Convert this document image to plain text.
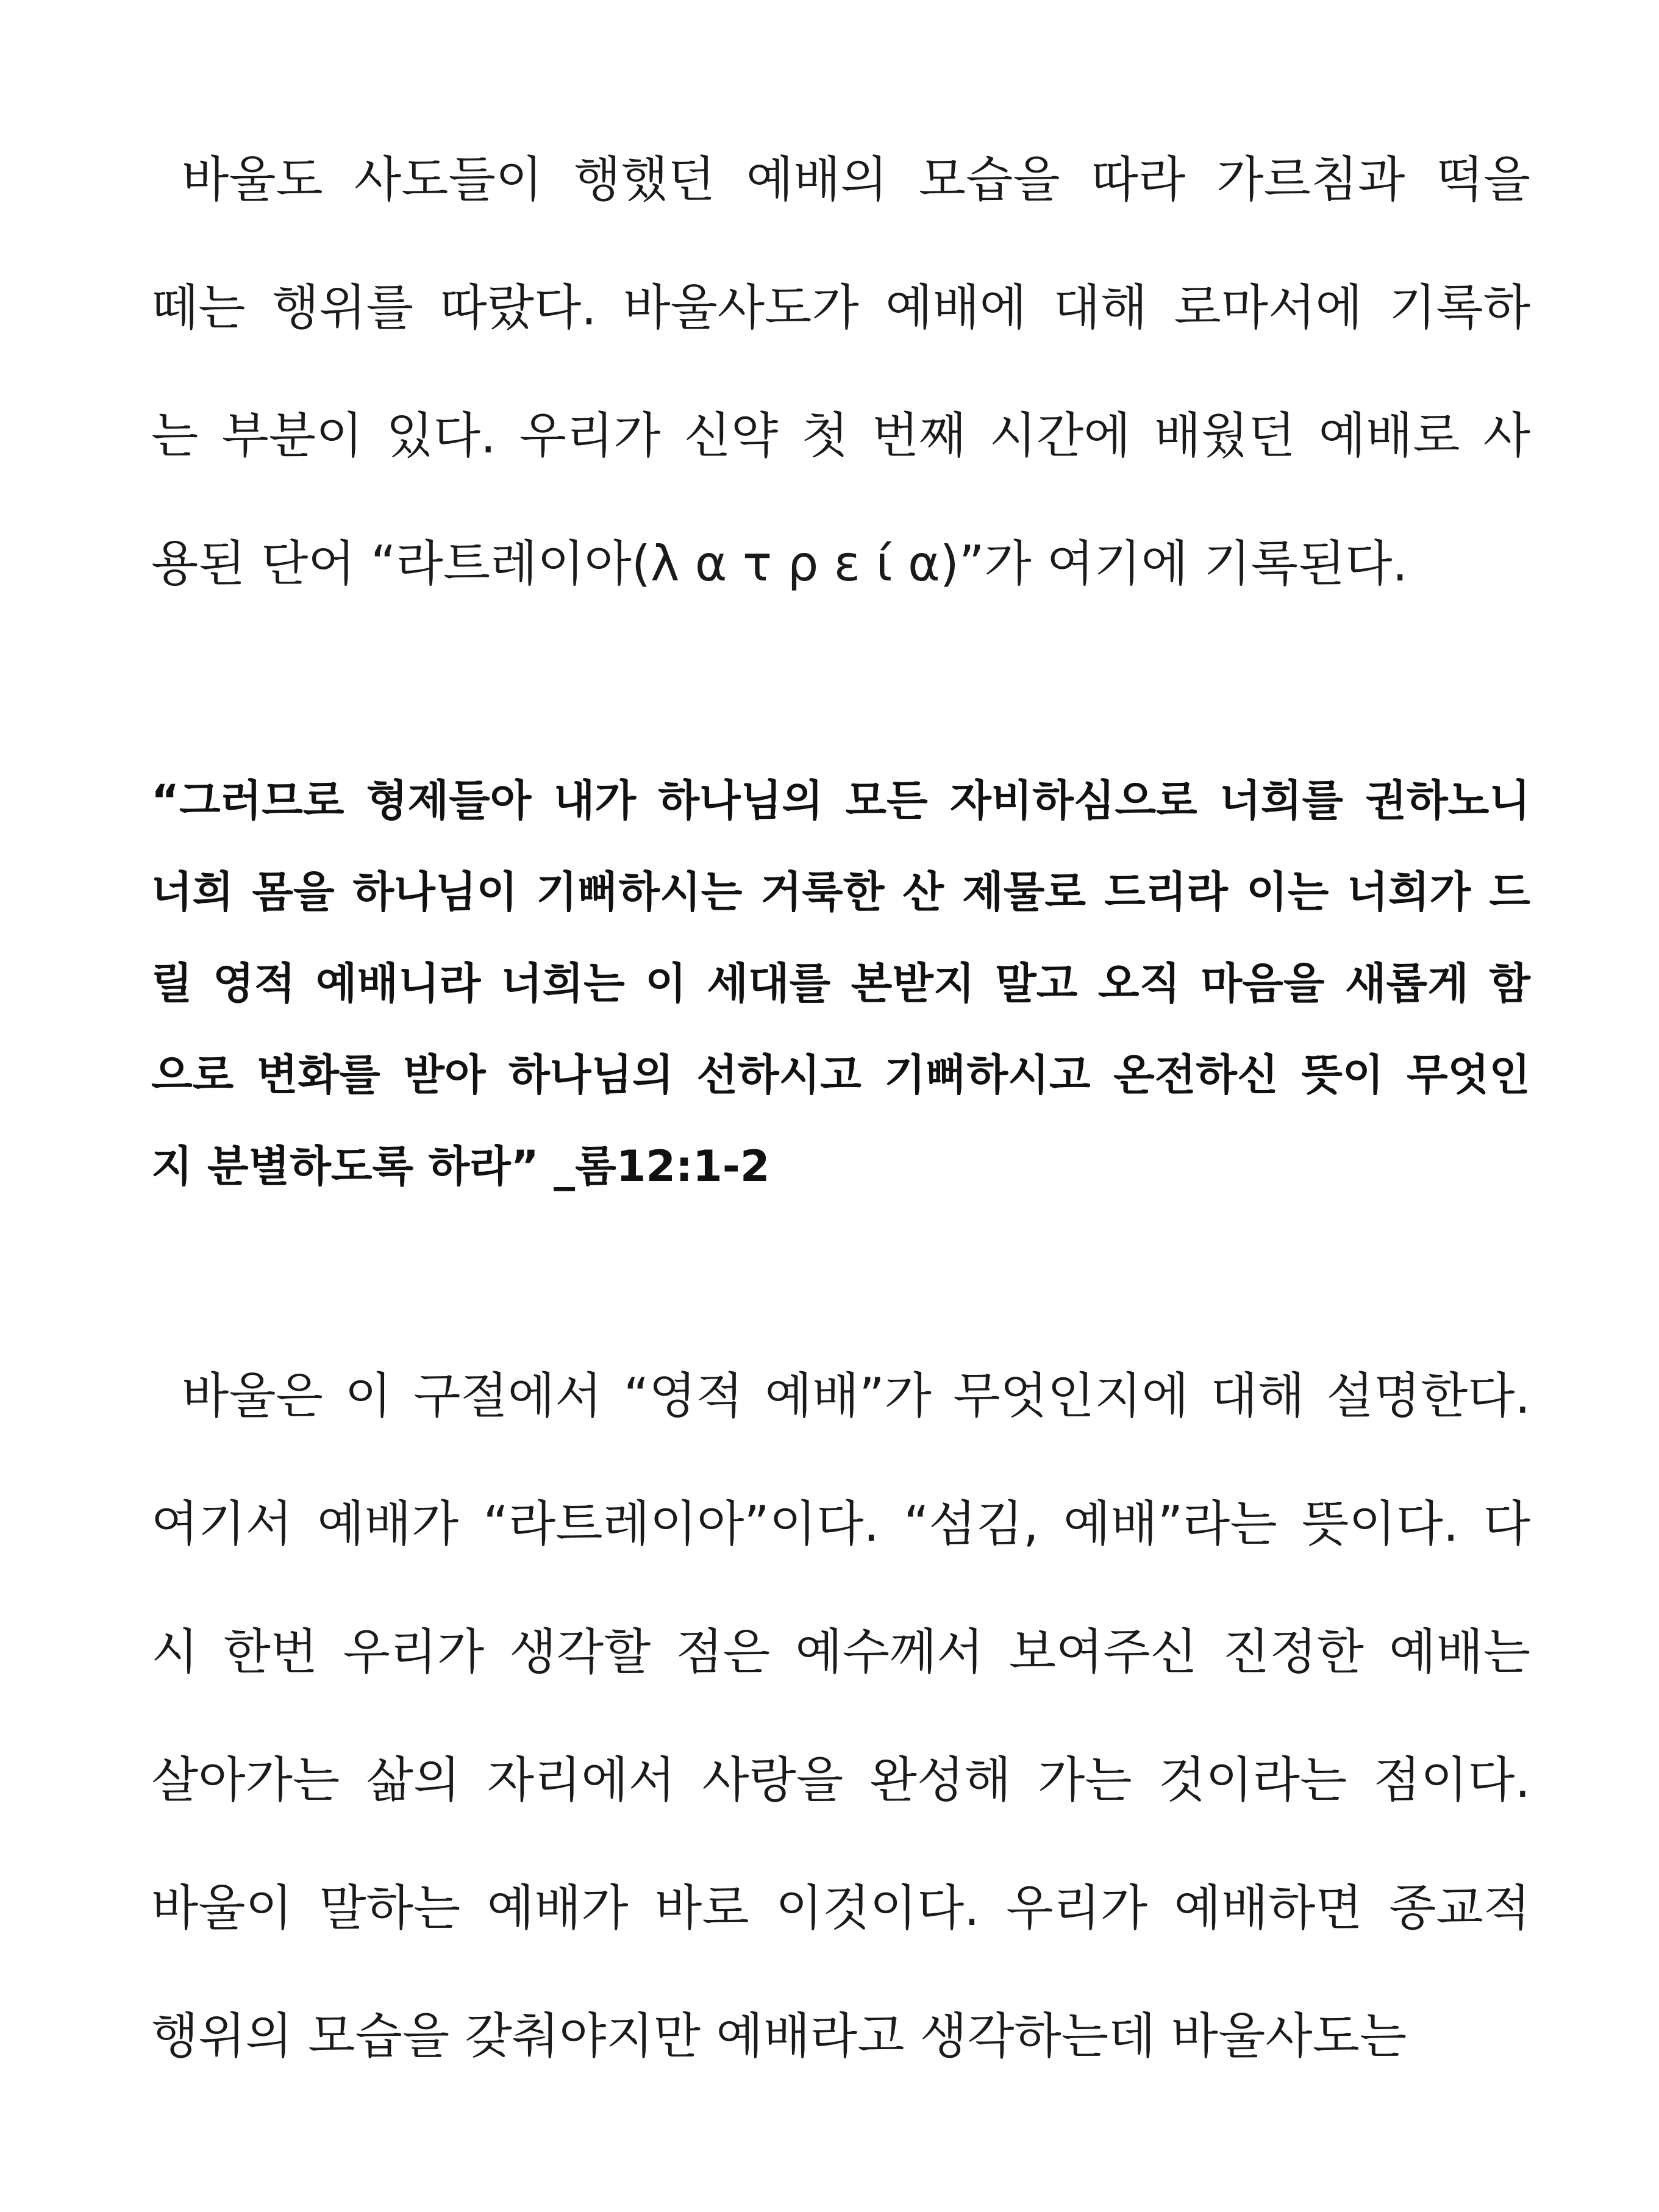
바울도 사도들이 행했던 예배의 모습을 따라 가르침과 떡을
떼는 행위를 따랐다. 바울사도가 예배에 대해 로마서에 기록하
는 부분이 있다. 우리가 신약 첫 번째 시간에 배웠던 예배로 사
용된 단어 “라트레이아(λ α τ ρ ε ί α)”가 여기에 기록된다.
“그러므로 형제들아 내가 하나님의 모든 자비하심으로 너희를 권하노니
너희 몸을 하나님이 기뻐하시는 거룩한 산 제물로 드리라 이는 너희가 드
릴 영적 예배니라 너희는 이 세대를 본받지 말고 오직 마음을 새롭게 함
으로 변화를 받아 하나님의 선하시고 기뻐하시고 온전하신 뜻이 무엇인
지 분별하도록 하라” _롬12:1-2
바울은 이 구절에서 “영적 예배”가 무엇인지에 대해 설명한다.
여기서 예배가 “라트레이아”이다. “섬김, 예배”라는 뜻이다. 다
시 한번 우리가 생각할 점은 예수께서 보여주신 진정한 예배는
살아가는 삶의 자리에서 사랑을 완성해 가는 것이라는 점이다.
바울이 말하는 예배가 바로 이것이다. 우리가 예배하면 종교적
행위의 모습을 갖춰야지만 예배라고 생각하는데 바울사도는
